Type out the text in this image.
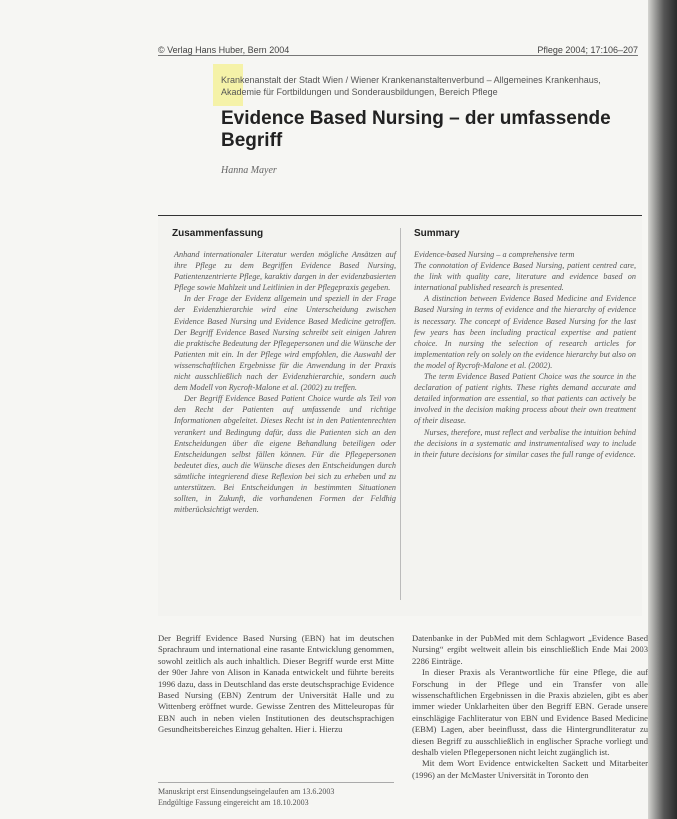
© Verlag Hans Huber, Bern 2004	Pflege 2004; 17:106–207
Krankenanstalt der Stadt Wien / Wiener Krankenanstaltenverbund – Allgemeines Krankenhaus,
Akademie für Fortbildungen und Sonderausbildungen, Bereich Pflege
Evidence Based Nursing – der umfassende Begriff
Hanna Mayer
Zusammenfassung	Summary

Anhand internationaler Literatur werden mögliche Ansätzen auf ihre Pflege zu dem Begriffen Evidence Based Nursing, Patientenzentrierte Pflege, karaktiv dargen in der evidenzbasierten Pflege sowie Mahlzeit und Leitlinien in der Pflegepraxis gegeben.

In der Frage der Evidenz allgemein und speziell in der Frage der Evidenzhierarchie wird eine Unterscheidung zwischen Evidence Based Nursing und Evidence Based Medicine getroffen. Der Begriff Evidence Based Nursing schreibt seit einigen Jahren die praktische Bedeutung der Pflegepersonen und die Wünsche der Patienten mit ein. In der Pflege wird empfohlen, die Auswahl der wissenschaftlichen Ergebnisse für die Anwendung in der Praxis nicht ausschließlich nach der Evidenzhierarchie, sondern auch dem Modell von Rycroft-Malone et al. (2002) zu treffen.

Der Begriff Evidence Based Patient Choice wurde als Teil von den Recht der Patienten auf umfassende und richtige Informationen abgeleitet. Dieses Recht ist in den Patientenrechten verankert und Bedingung dafür, dass die Patienten sich an den Entscheidungen über die eigene Behandlung beteiligen oder Entscheidungen selbst fällen können. Für die Pflegepersonen bedeutet dies, auch die Wünsche dieses den Entscheidungen durch sämtliche integrierend diese Reflexion bei sich zu erheben und zu unterstützen. Bei Entscheidungen in bestimmten Situationen sollten, in Zukunft, die vorhandenen Formen der Feldhig mitberücksichtigt werden.

Evidence-based Nursing – a comprehensive term

The connotation of Evidence Based Nursing, patient centred care, the link with quality care, literature and evidence based on international published research is presented.

A distinction between Evidence Based Medicine and Evidence Based Nursing in terms of evidence and the hierarchy of evidence is necessary. The concept of Evidence Based Nursing for the last few years has been including practical expertise and patient choice. In nursing the selection of research articles for implementation rely on solely on the evidence hierarchy but also on the model of Rycroft-Malone et al. (2002).

The term Evidence Based Patient Choice was the source in the declaration of patient rights. These rights demand accurate and detailed information are essential, so that patients can actively be involved in the decision making process about their own treatment of their disease.

Nurses, therefore, must reflect and verbalise the intuition behind the decisions in a systematic and instrumentalised way to include in their future decisions for similar cases the full range of evidence.

Der Begriff Evidence Based Nursing (EBN) hat im deutschen Sprachraum und international eine rasante Entwicklung genommen, sowohl zeitlich als auch inhaltlich. Dieser Begriff wurde erst Mitte der 90er Jahre von Alison in Kanada entwickelt und führte bereits 1996 dazu, dass in Deutschland das erste deutschsprachige Evidence Based Nursing (EBN) Zentrum der Universität Halle und zu Wittenberg eröffnet wurde. Gewisse Zentren des Mitteleuropas für EBN auch in neben vielen Institutionen des deutschsprachigen Gesundheitsbereiches Einzug gehalten. Hier i. Hierzu

Datenbanke in der PubMed mit dem Schlagwort „Evidence Based Nursing“ ergibt weltweit allein bis einschließlich Ende Mai 2003 2286 Einträge.

In dieser Praxis als Verantwortliche für eine Pflege, die auf Forschung in der Pflege und ein Transfer von alle wissenschaftlichen Ergebnissen in die Praxis abzielen, gibt es aber immer wieder Unklarheiten über den Begriff EBN. Gerade unsere einschlägige Fachliteratur von EBN und Evidence Based Medicine (EBM) Lagen, aber beeinflusst, dass die Hintergrundliteratur zu diesen Begriff zu ausschließlich in englischer Sprache vorliegt und deshalb vielen Pflegepersonen nicht leicht zugänglich ist.

Mit dem Wort Evidence entwickelten Sackett und Mitarbeiter (1996) an der McMaster Universität in Toronto den

Manuskript erst Einsendungseingelaufen am 13.6.2003
Endgültige Fassung eingereicht am 18.10.2003
